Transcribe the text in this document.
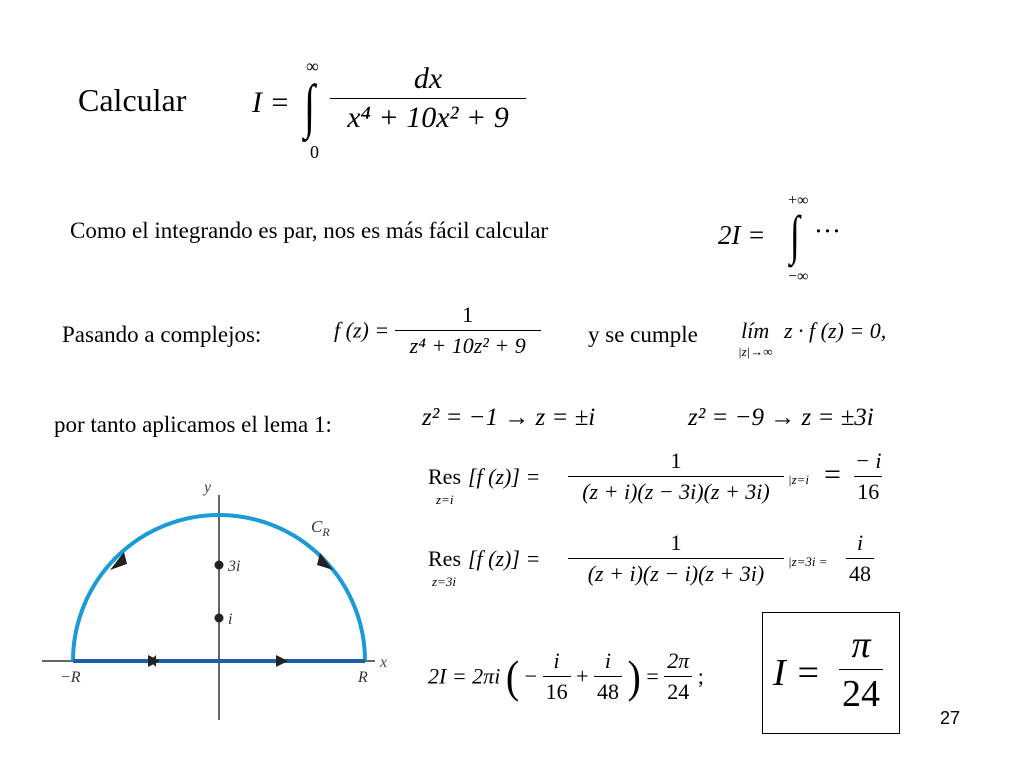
Calcular I = ∫
∞
0
$\frac{dx}{\text{x⁴ + 10x² + 9}}$
Como el integrando es par, nos es más fácil calcular	2I = ∫
+∞
−∞
···
Pasando a complejos:	f $(z) = \frac{1}{\text{z⁴ + 10z² + 9}}$ y se cumple lím
|z|→∞
z · f (z) = 0,
por tanto aplicamos el lema 1:	z² = −1 → z = ±i	z² = −9 → z = ±3i
Res
z=i
[f $(z)] = \frac{1}{(z + i)(z - 3i)(z + 3i)} |z=i = \frac{- i}{16}$
Res
z=3i
[f $(z)] = \frac{1}{(z + i)(z - i)(z + 3i)} |z=3i = \frac{i}{48}$
2I = 2πi ( − $\frac{i}{16} + \frac{i}{48}$ ) = $\frac{2\pi}{24}$ ; $I = \frac{\pi}{24}$
27
y
x
3i
i
−R	R
$C_R$
